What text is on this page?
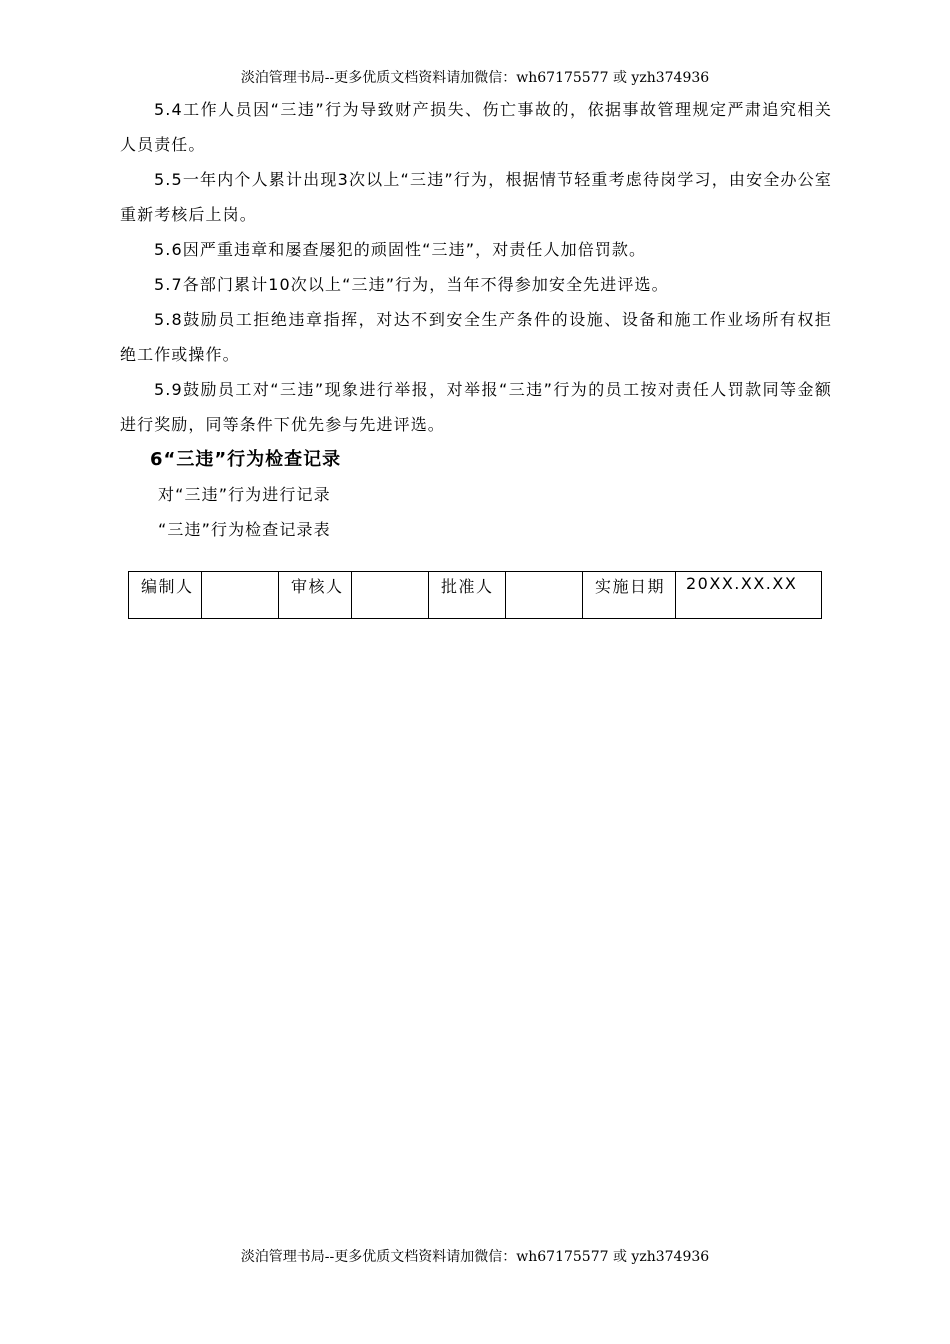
淡泊管理书局--更多优质文档资料请加微信：wh67175577 或 yzh374936

5.4工作人员因“三违”行为导致财产损失、伤亡事故的，依据事故管理规定严肃追究相关人员责任。

5.5一年内个人累计出现3次以上“三违”行为，根据情节轻重考虑待岗学习，由安全办公室重新考核后上岗。

5.6因严重违章和屡查屡犯的顽固性“三违”，对责任人加倍罚款。

5.7各部门累计10次以上“三违”行为，当年不得参加安全先进评选。

5.8鼓励员工拒绝违章指挥，对达不到安全生产条件的设施、设备和施工作业场所有权拒绝工作或操作。

5.9鼓励员工对“三违”现象进行举报，对举报“三违”行为的员工按对责任人罚款同等金额进行奖励，同等条件下优先参与先进评选。

6“三违”行为检查记录

对“三违”行为进行记录

“三违”行为检查记录表

编制人		审核人		批准人		实施日期	20XX.XX.XX
淡泊管理书局--更多优质文档资料请加微信：wh67175577 或 yzh374936
